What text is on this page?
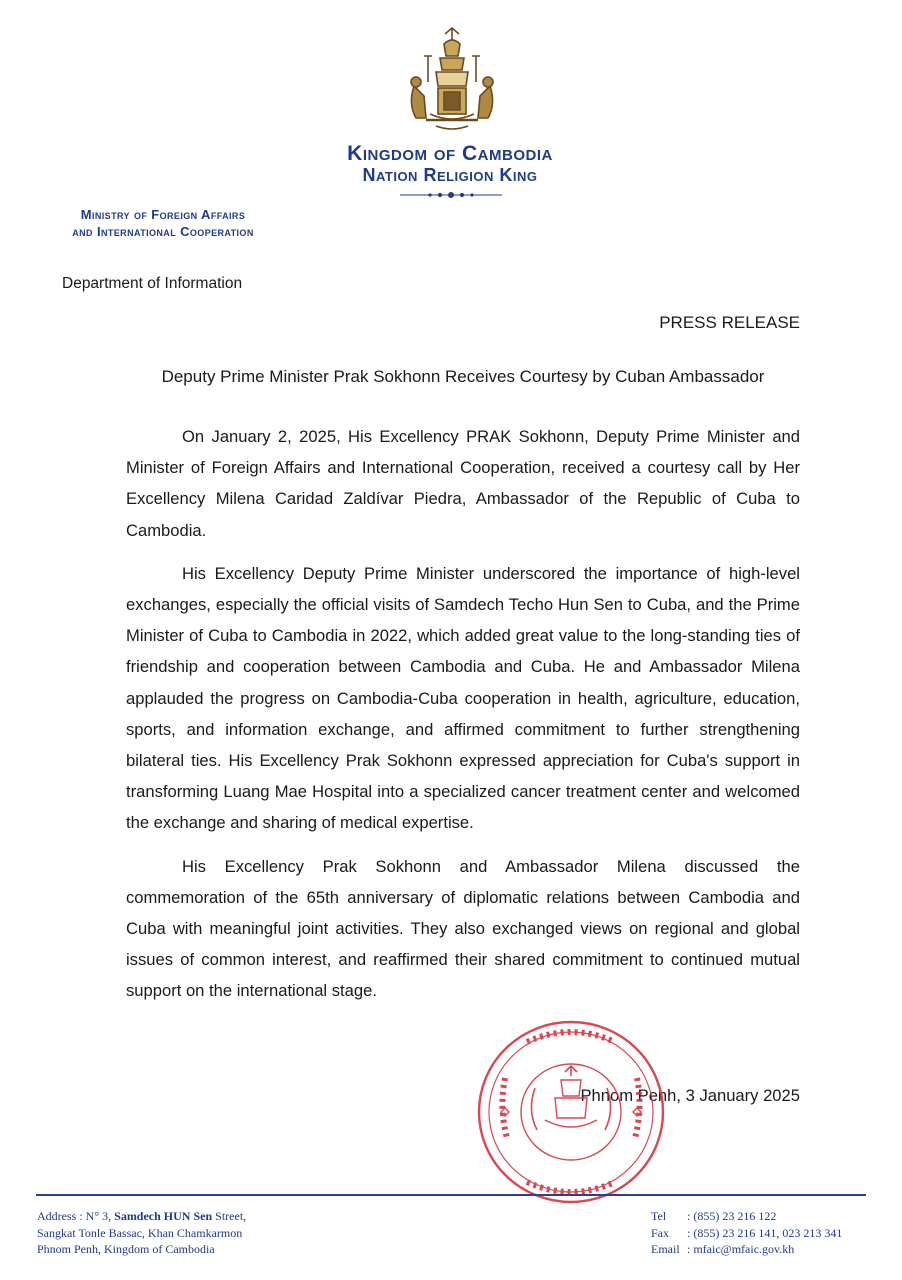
Kingdom of Cambodia
Nation Religion King
Ministry of Foreign Affairs
and International Cooperation
Department of Information
PRESS RELEASE
Deputy Prime Minister Prak Sokhonn Receives Courtesy by Cuban Ambassador

On January 2, 2025, His Excellency PRAK Sokhonn, Deputy Prime Minister and Minister of Foreign Affairs and International Cooperation, received a courtesy call by Her Excellency Milena Caridad Zaldívar Piedra, Ambassador of the Republic of Cuba to Cambodia.

His Excellency Deputy Prime Minister underscored the importance of high-level exchanges, especially the official visits of Samdech Techo Hun Sen to Cuba, and the Prime Minister of Cuba to Cambodia in 2022, which added great value to the long-standing ties of friendship and cooperation between Cambodia and Cuba. He and Ambassador Milena applauded the progress on Cambodia-Cuba cooperation in health, agriculture, education, sports, and information exchange, and affirmed commitment to further strengthening bilateral ties. His Excellency Prak Sokhonn expressed appreciation for Cuba's support in transforming Luang Mae Hospital into a specialized cancer treatment center and welcomed the exchange and sharing of medical expertise.

His Excellency Prak Sokhonn and Ambassador Milena discussed the commemoration of the 65th anniversary of diplomatic relations between Cambodia and Cuba with meaningful joint activities. They also exchanged views on regional and global issues of common interest, and reaffirmed their shared commitment to continued mutual support on the international stage.

Phnom Penh, 3 January 2025
Address : N° 3, Samdech HUN Sen Street,
Sangkat Tonle Bassac, Khan Chamkarmon
Phnom Penh, Kingdom of Cambodia
Tel : (855) 23 216 122
Fax : (855) 23 216 141, 023 213 341
Email : mfaic@mfaic.gov.kh
